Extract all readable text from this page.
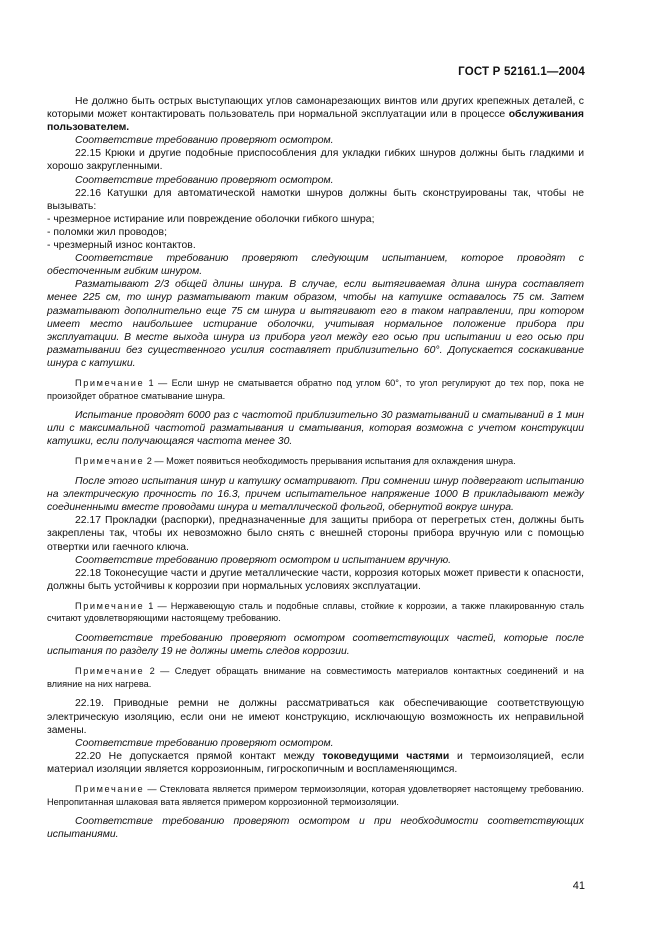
ГОСТ Р 52161.1—2004

Не должно быть острых выступающих углов самонарезающих винтов или других крепежных деталей, с которыми может контактировать пользователь при нормальной эксплуатации или в процессе обслуживания пользователем.

Соответствие требованию проверяют осмотром.

22.15 Крюки и другие подобные приспособления для укладки гибких шнуров должны быть гладкими и хорошо закругленными.

Соответствие требованию проверяют осмотром.

22.16 Катушки для автоматической намотки шнуров должны быть сконструированы так, чтобы не вызывать:

- чрезмерное истирание или повреждение оболочки гибкого шнура;

- поломки жил проводов;

- чрезмерный износ контактов.

Соответствие требованию проверяют следующим испытанием, которое проводят с обесточенным гибким шнуром.

Разматывают 2/3 общей длины шнура. В случае, если вытягиваемая длина шнура составляет менее 225 см, то шнур разматывают таким образом, чтобы на катушке оставалось 75 см. Затем разматывают дополнительно еще 75 см шнура и вытягивают его в таком направлении, при котором имеет место наибольшее истирание оболочки, учитывая нормальное положение прибора при эксплуатации. В месте выхода шнура из прибора угол между его осью при испытании и его осью при разматывании без существенного усилия составляет приблизительно 60°. Допускается соскакивание шнура с катушки.

Примечание 1 — Если шнур не сматывается обратно под углом 60°, то угол регулируют до тех пор, пока не произойдет обратное сматывание шнура.

Испытание проводят 6000 раз с частотой приблизительно 30 разматываний и сматываний в 1 мин или с максимальной частотой разматывания и сматывания, которая возможна с учетом конструкции катушки, если получающаяся частота менее 30.

Примечание 2 — Может появиться необходимость прерывания испытания для охлаждения шнура.

После этого испытания шнур и катушку осматривают. При сомнении шнур подвергают испытанию на электрическую прочность по 16.3, причем испытательное напряжение 1000 В прикладывают между соединенными вместе проводами шнура и металлической фольгой, обернутой вокруг шнура.

22.17 Прокладки (распорки), предназначенные для защиты прибора от перегретых стен, должны быть закреплены так, чтобы их невозможно было снять с внешней стороны прибора вручную или с помощью отвертки или гаечного ключа.

Соответствие требованию проверяют осмотром и испытанием вручную.

22.18 Токонесущие части и другие металлические части, коррозия которых может привести к опасности, должны быть устойчивы к коррозии при нормальных условиях эксплуатации.

Примечание 1 — Нержавеющую сталь и подобные сплавы, стойкие к коррозии, а также плакированную сталь считают удовлетворяющими настоящему требованию.

Соответствие требованию проверяют осмотром соответствующих частей, которые после испытания по разделу 19 не должны иметь следов коррозии.

Примечание 2 — Следует обращать внимание на совместимость материалов контактных соединений и на влияние на них нагрева.

22.19. Приводные ремни не должны рассматриваться как обеспечивающие соответствующую электрическую изоляцию, если они не имеют конструкцию, исключающую возможность их неправильной замены.

Соответствие требованию проверяют осмотром.

22.20 Не допускается прямой контакт между токоведущими частями и термоизоляцией, если материал изоляции является коррозионным, гигроскопичным и воспламеняющимся.

Примечание — Стекловата является примером термоизоляции, которая удовлетворяет настоящему требованию. Непропитанная шлаковая вата является примером коррозионной термоизоляции.

Соответствие требованию проверяют осмотром и при необходимости соответствующих испытаниями.

41
